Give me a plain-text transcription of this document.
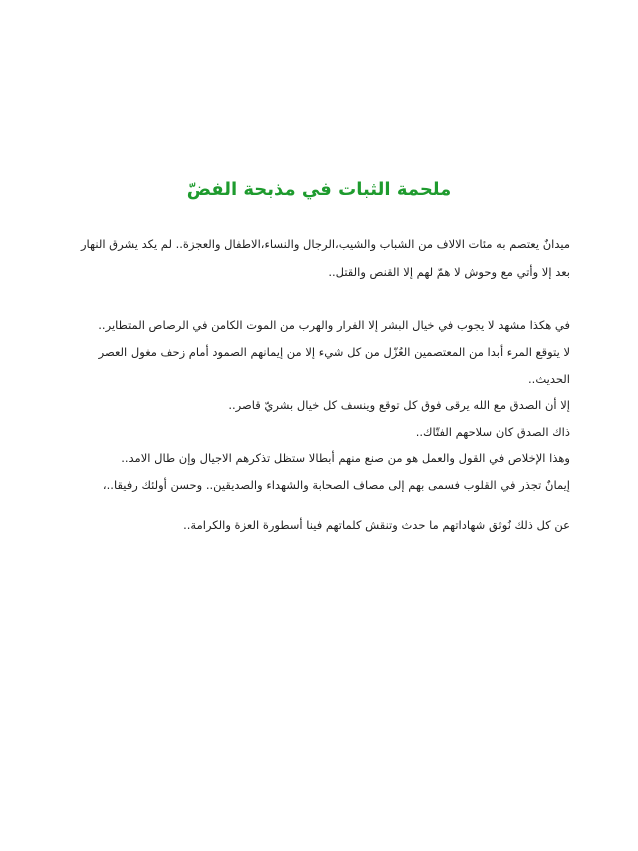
ملحمة الثبات في مذبحة الفضّ

ميدانٌ يعتصم به مئات الالاف من الشباب والشيب،الرجال والنساء،الاطفال والعجزة.. لم يكد يشرق النهار

بعد إلا وأتي مع وحوش لا همّ لهم إلا القنص والقتل..

في هكذا مشهد لا يجوب في خيال البشر إلا الفرار والهرب من الموت الكامن في الرصاص المتطاير..

لا يتوقع المرء أبدا من المعتصمين العُزّل من كل شيء إلا من إيمانهم الصمود أمام زحف مغول العصر

الحديث..

إلا أن الصدق مع الله يرقى فوق كل توقع وينسف كل خيال بشريّ قاصر..

ذاك الصدق كان سلاحهم الفتّاك..

وهذا الإخلاص في القول والعمل هو من صنع منهم أبطالا ستظل تذكرهم الاجيال وإن طال الامد..

إيمانٌ تجذر في القلوب فسمى بهم إلى مصاف الصحابة والشهداء والصديقين.. وحسن أولئك رفيقا..،

عن كل ذلك نُوثق شهاداتهم ما حدث وتنقش كلماتهم فينا أسطورة العزة والكرامة..
